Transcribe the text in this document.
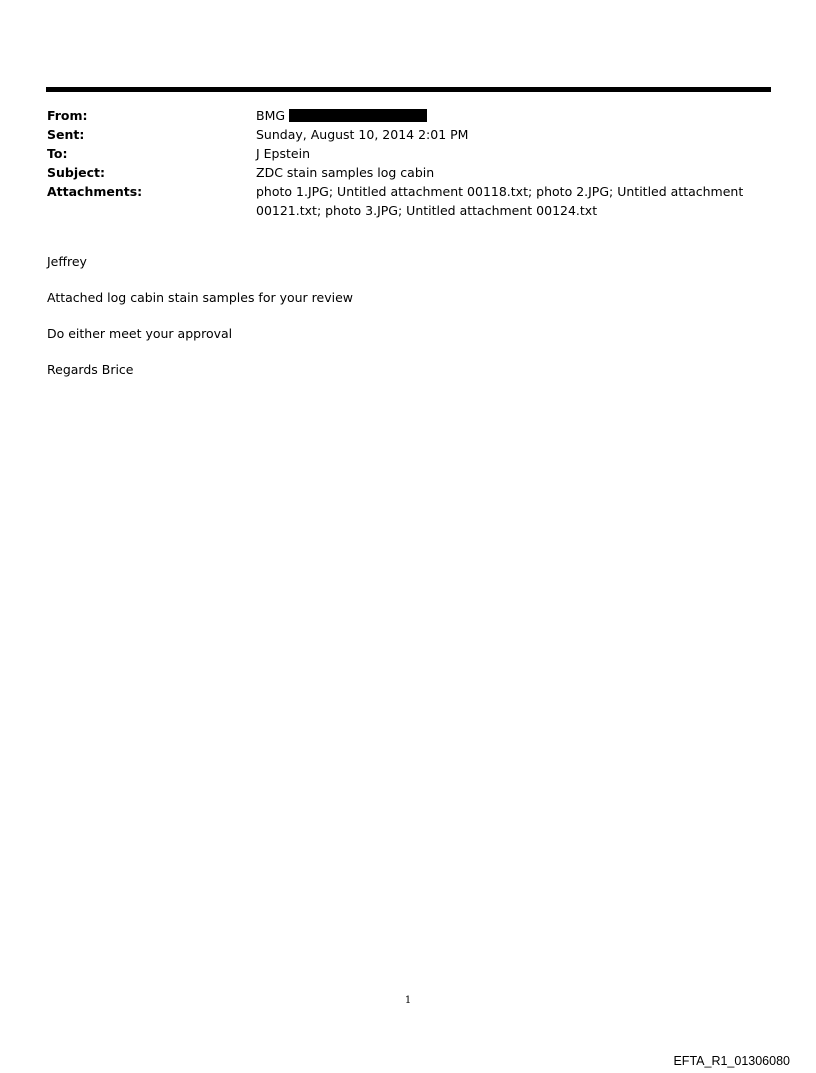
From:	BMG
Sent:	Sunday, August 10, 2014 2:01 PM
To:	J Epstein
Subject:	ZDC stain samples log cabin
Attachments:	photo 1.JPG; Untitled attachment 00118.txt; photo 2.JPG; Untitled attachment 00121.txt; photo 3.JPG; Untitled attachment 00124.txt

Jeffrey

Attached log cabin stain samples for your review

Do either meet your approval

Regards Brice

1
EFTA_R1_01306080
